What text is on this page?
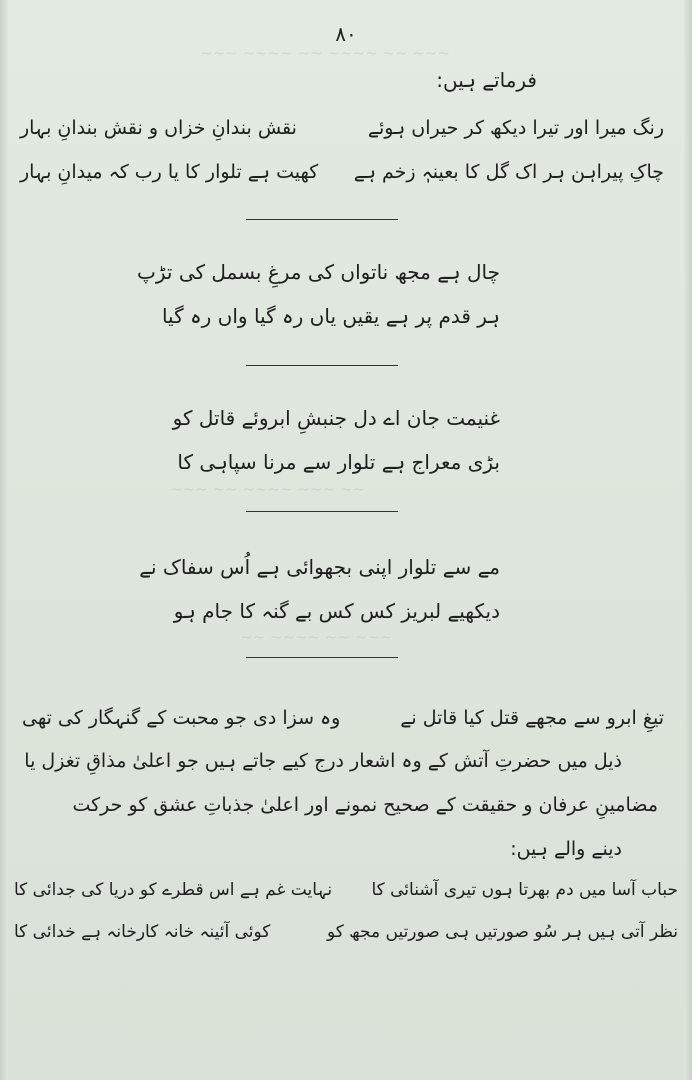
~~~ ~~ ~~~~ ~~ ~~~~ ~~~
~~ ~~~ ~~~~ ~~ ~~~
~~~ ~~ ~~~~ ~~
۸۰
فرماتے ہیں:
رنگ میرا اور تیرا دیکھ کر حیراں ہوئے
نقش بندانِ خزاں و نقش بندانِ بہار
چاکِ پیراہن ہر اک گل کا بعینہٖ زخم ہے
کھیت ہے تلوار کا یا رب کہ میدانِ بہار
چال ہے مجھ ناتواں کی مرغِ بسمل کی تڑپ
ہر قدم پر ہے یقیں یاں رہ گیا واں رہ گیا
غنیمت جان اے دل جنبشِ ابروئے قاتل کو
بڑی معراج ہے تلوار سے مرنا سپاہی کا
مے سے تلوار اپنی بجھوائی ہے اُس سفاک نے
دیکھیے لبریز کس کس بے گنہ کا جام ہو
تیغِ ابرو سے مجھے قتل کیا قاتل نے
وہ سزا دی جو محبت کے گنہگار کی تھی
ذیل میں حضرتِ آتش کے وہ اشعار درج کیے جاتے ہیں جو اعلیٰ مذاقِ تغزل یا
مضامینِ عرفان و حقیقت کے صحیح نمونے اور اعلیٰ جذباتِ عشق کو حرکت
دینے والے ہیں:
حباب آسا میں دم بھرتا ہوں تیری آشنائی کا
نہایت غم ہے اس قطرے کو دریا کی جدائی کا
نظر آتی ہیں ہر سُو صورتیں ہی صورتیں مجھ کو
کوئی آئینہ خانہ کارخانہ ہے خدائی کا
